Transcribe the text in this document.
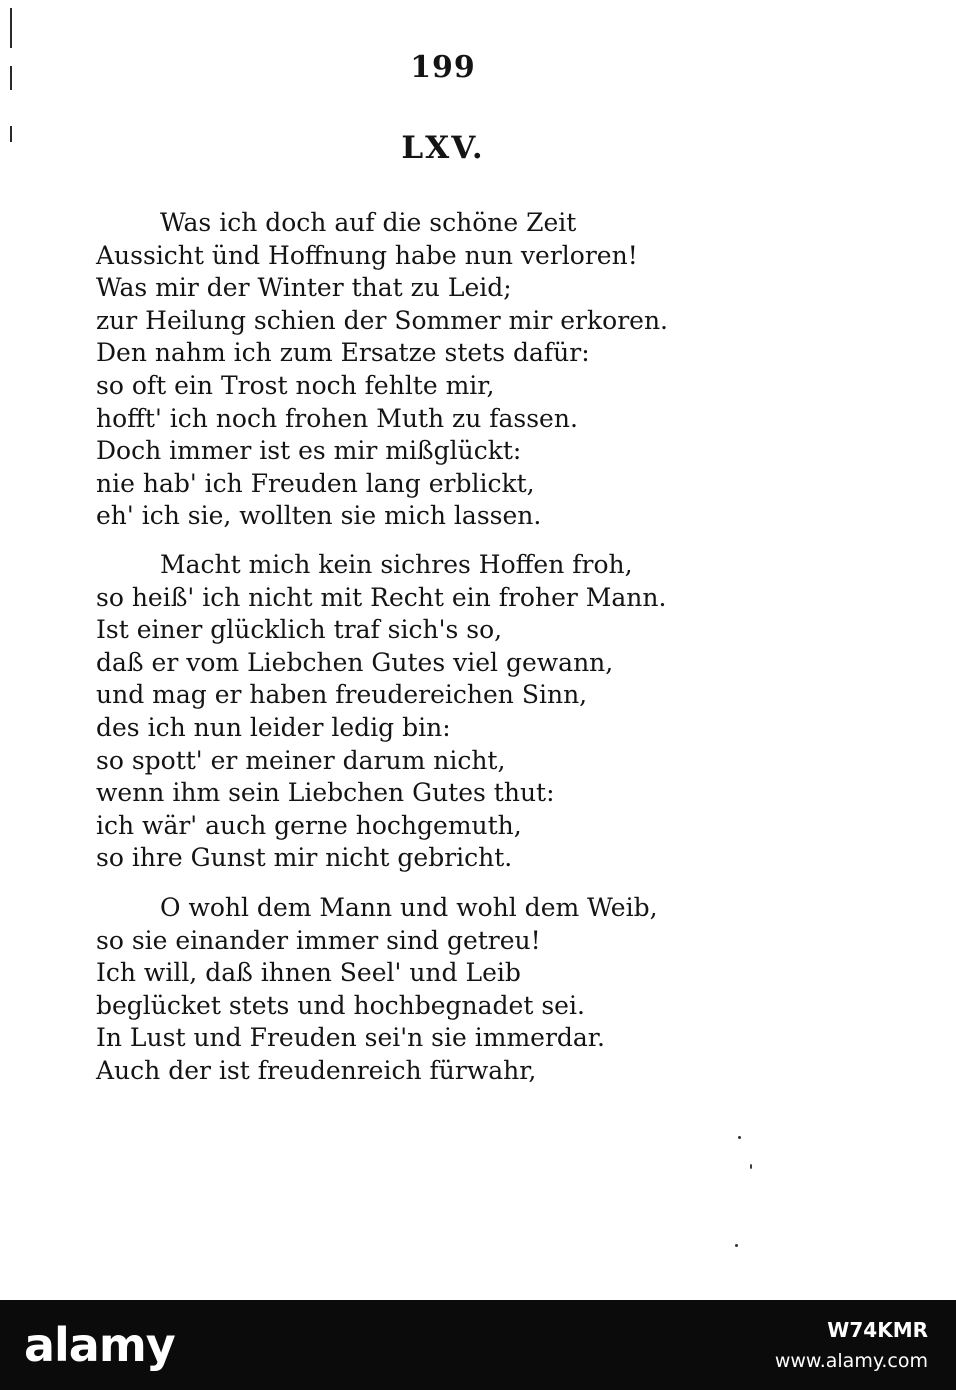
199
LXV.
Was ich doch auf die schöne Zeit
Aussicht ünd Hoffnung habe nun verloren!
Was mir der Winter that zu Leid;
zur Heilung schien der Sommer mir erkoren.
Den nahm ich zum Ersatze stets dafür:
so oft ein Trost noch fehlte mir,
hofft' ich noch frohen Muth zu fassen.
Doch immer ist es mir mißglückt:
nie hab' ich Freuden lang erblickt,
eh' ich sie, wollten sie mich lassen.
Macht mich kein sichres Hoffen froh,
so heiß' ich nicht mit Recht ein froher Mann.
Ist einer glücklich traf sich's so,
daß er vom Liebchen Gutes viel gewann,
und mag er haben freudereichen Sinn,
des ich nun leider ledig bin:
so spott' er meiner darum nicht,
wenn ihm sein Liebchen Gutes thut:
ich wär' auch gerne hochgemuth,
so ihre Gunst mir nicht gebricht.
O wohl dem Mann und wohl dem Weib,
so sie einander immer sind getreu!
Ich will, daß ihnen Seel' und Leib
beglücket stets und hochbegnadet sei.
In Lust und Freuden sei'n sie immerdar.
Auch der ist freudenreich fürwahr,
alamy	W74KMR
www.alamy.com
